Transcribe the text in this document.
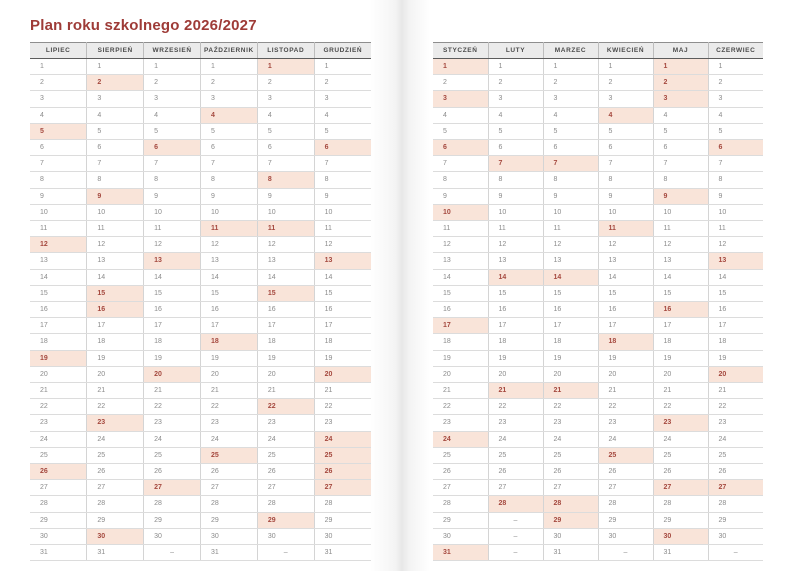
Plan roku szkolnego 2026/2027
LIPIEC	SIERPIEŃ	WRZESIEŃ	PAŹDZIERNIK	LISTOPAD	GRUDZIEŃ
1	1	1	1	1	1
2	2	2	2	2	2
3	3	3	3	3	3
4	4	4	4	4	4
5	5	5	5	5	5
6	6	6	6	6	6
7	7	7	7	7	7
8	8	8	8	8	8
9	9	9	9	9	9
10	10	10	10	10	10
11	11	11	11	11	11
12	12	12	12	12	12
13	13	13	13	13	13
14	14	14	14	14	14
15	15	15	15	15	15
16	16	16	16	16	16
17	17	17	17	17	17
18	18	18	18	18	18
19	19	19	19	19	19
20	20	20	20	20	20
21	21	21	21	21	21
22	22	22	22	22	22
23	23	23	23	23	23
24	24	24	24	24	24
25	25	25	25	25	25
26	26	26	26	26	26
27	27	27	27	27	27
28	28	28	28	28	28
29	29	29	29	29	29
30	30	30	30	30	30
31	31	–	31	–	31
STYCZEŃ	LUTY	MARZEC	KWIECIEŃ	MAJ	CZERWIEC
1	1	1	1	1	1
2	2	2	2	2	2
3	3	3	3	3	3
4	4	4	4	4	4
5	5	5	5	5	5
6	6	6	6	6	6
7	7	7	7	7	7
8	8	8	8	8	8
9	9	9	9	9	9
10	10	10	10	10	10
11	11	11	11	11	11
12	12	12	12	12	12
13	13	13	13	13	13
14	14	14	14	14	14
15	15	15	15	15	15
16	16	16	16	16	16
17	17	17	17	17	17
18	18	18	18	18	18
19	19	19	19	19	19
20	20	20	20	20	20
21	21	21	21	21	21
22	22	22	22	22	22
23	23	23	23	23	23
24	24	24	24	24	24
25	25	25	25	25	25
26	26	26	26	26	26
27	27	27	27	27	27
28	28	28	28	28	28
29	–	29	29	29	29
30	–	30	30	30	30
31	–	31	–	31	–
